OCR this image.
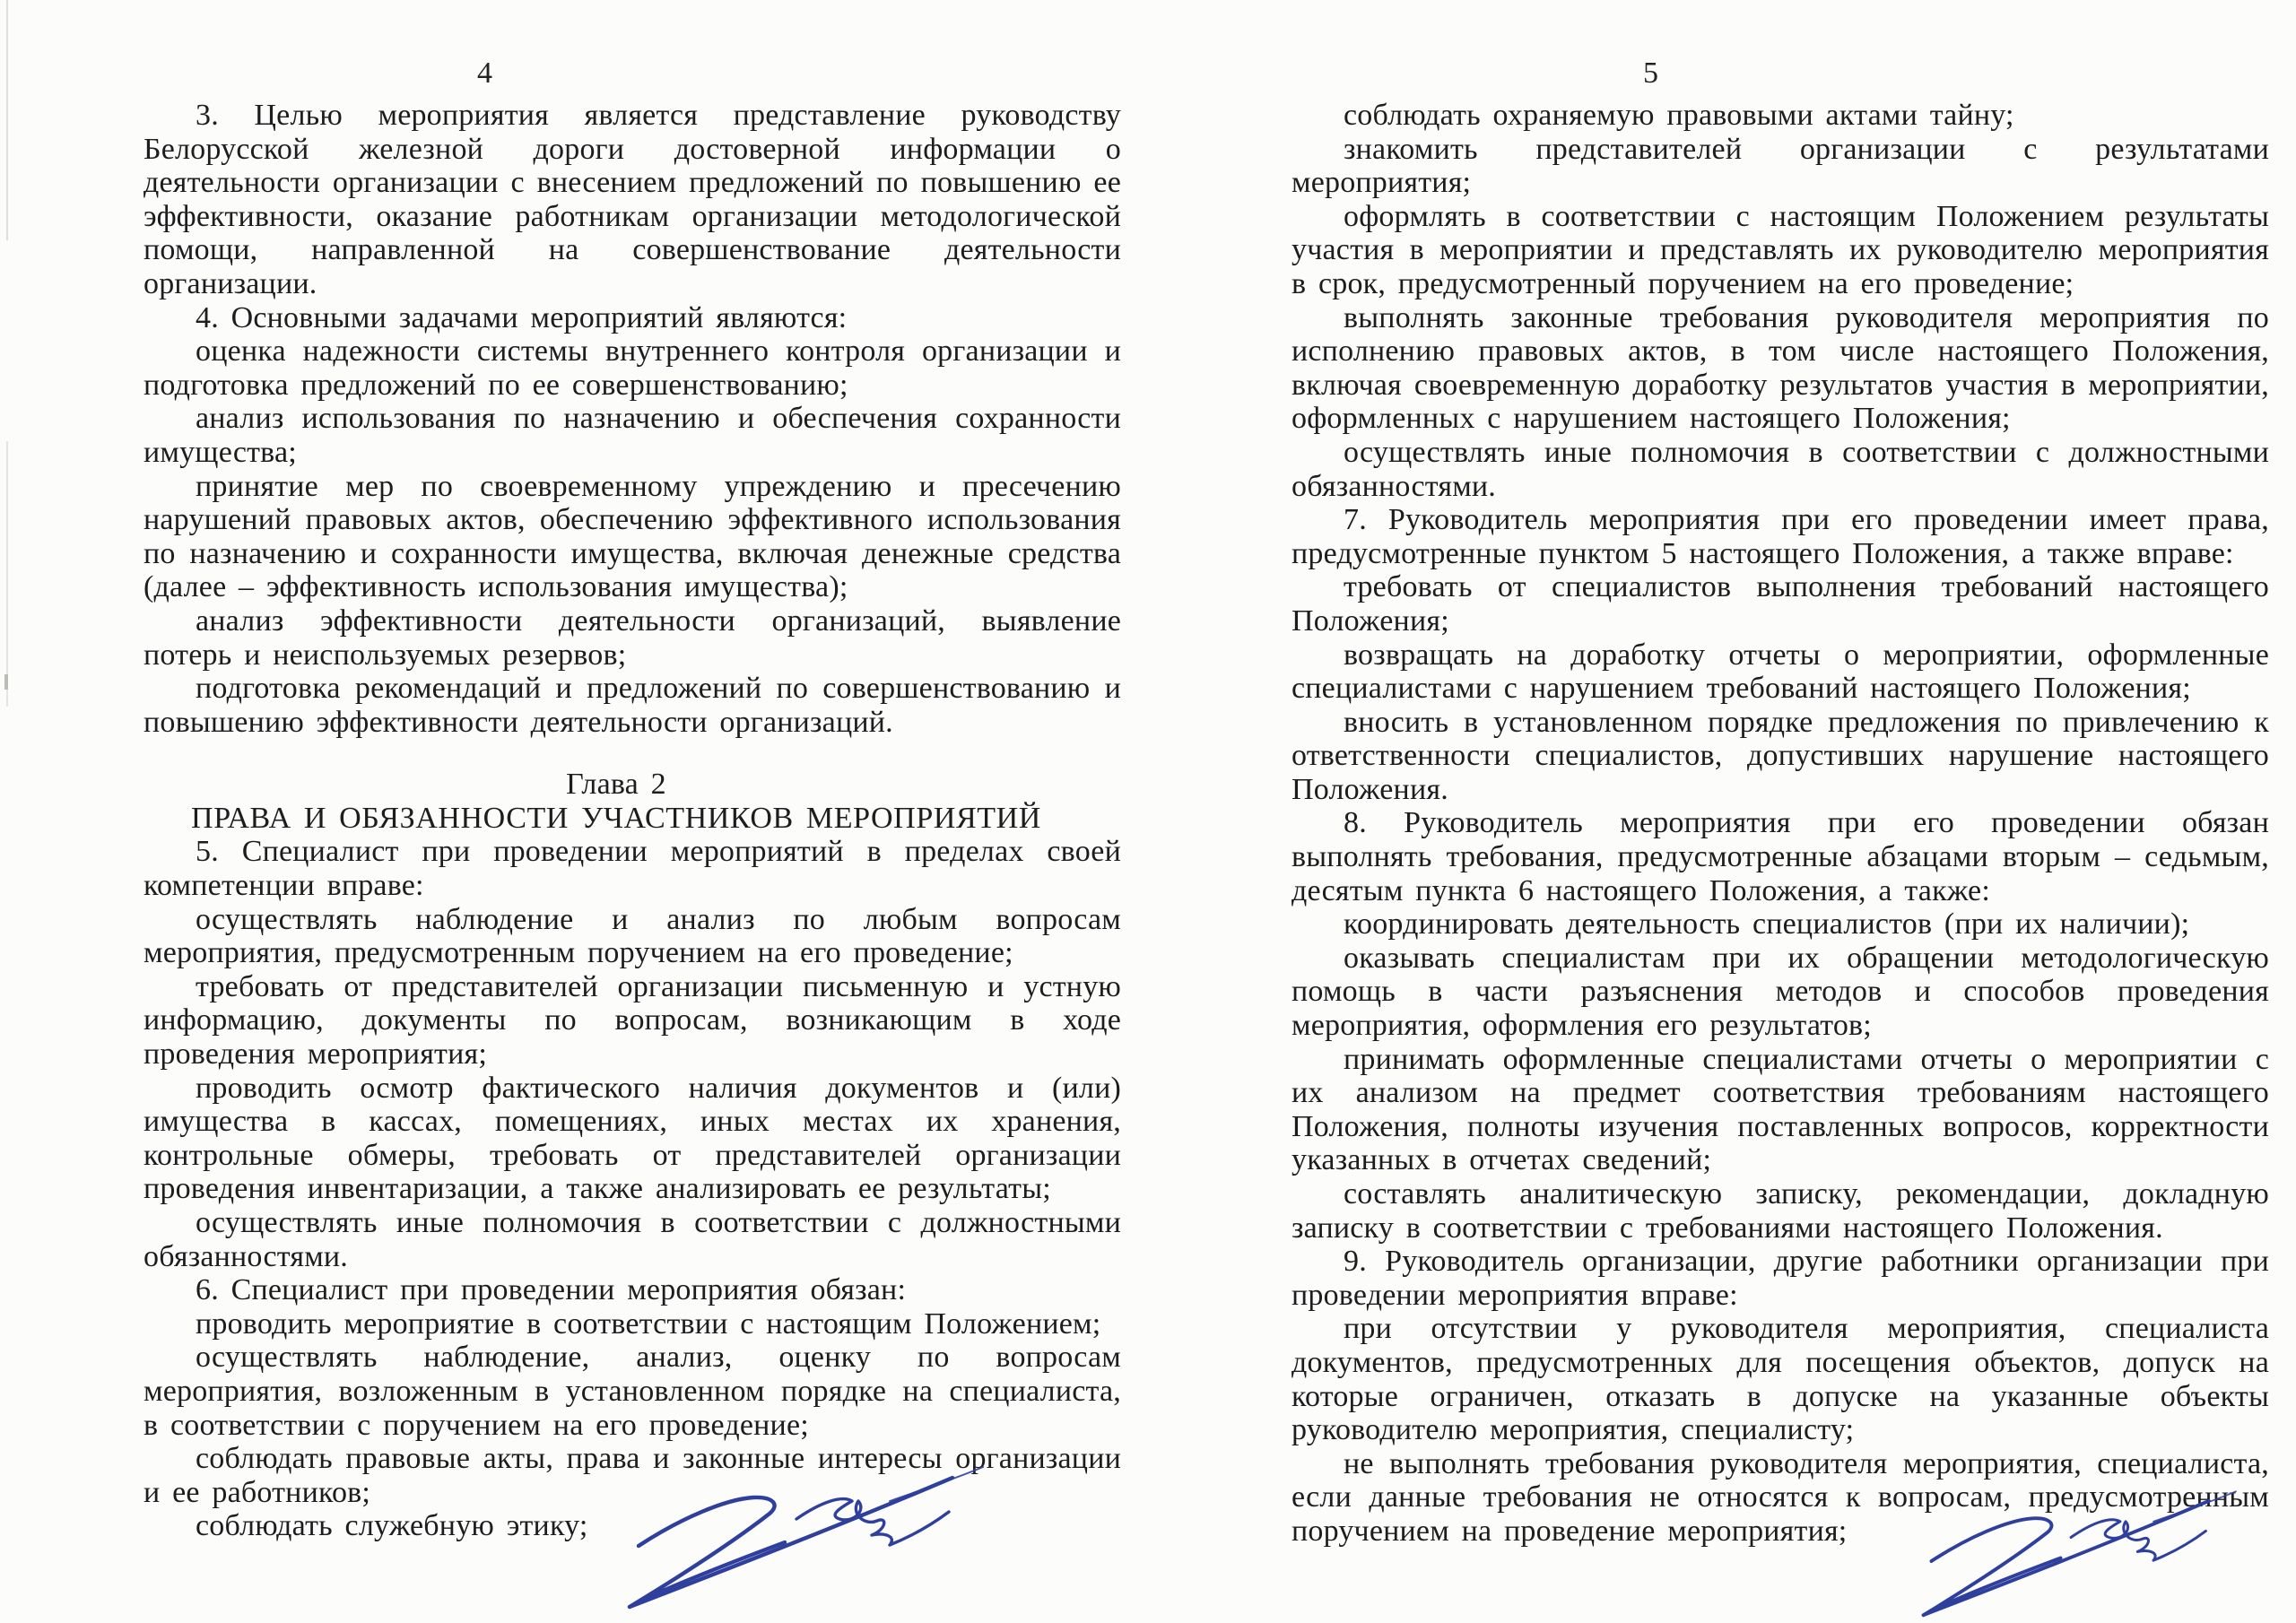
4

3. Целью мероприятия является представление руководству Белорусской железной дороги достоверной информации о деятельности организации с внесением предложений по повышению ее эффективности, оказание работникам организации методологической помощи, направленной на совершенствование деятельности организации.

4. Основными задачами мероприятий являются:

оценка надежности системы внутреннего контроля организации и подготовка предложений по ее совершенствованию;

анализ использования по назначению и обеспечения сохранности имущества;

принятие мер по своевременному упреждению и пресечению нарушений правовых актов, обеспечению эффективного использования по назначению и сохранности имущества, включая денежные средства (далее – эффективность использования имущества);

анализ эффективности деятельности организаций, выявление потерь и неиспользуемых резервов;

подготовка рекомендаций и предложений по совершенствованию и повышению эффективности деятельности организаций.

Глава 2

ПРАВА И ОБЯЗАННОСТИ УЧАСТНИКОВ МЕРОПРИЯТИЙ

5. Специалист при проведении мероприятий в пределах своей компетенции вправе:

осуществлять наблюдение и анализ по любым вопросам мероприятия, предусмотренным поручением на его проведение;

требовать от представителей организации письменную и устную информацию, документы по вопросам, возникающим в ходе проведения мероприятия;

проводить осмотр фактического наличия документов и (или) имущества в кассах, помещениях, иных местах их хранения, контрольные обмеры, требовать от представителей организации проведения инвентаризации, а также анализировать ее результаты;

осуществлять иные полномочия в соответствии с должностными обязанностями.

6. Специалист при проведении мероприятия обязан:

проводить мероприятие в соответствии с настоящим Положением;

осуществлять наблюдение, анализ, оценку по вопросам мероприятия, возложенным в установленном порядке на специалиста, в соответствии с поручением на его проведение;

соблюдать правовые акты, права и законные интересы организации и ее работников;

соблюдать служебную этику;

5

соблюдать охраняемую правовыми актами тайну;

знакомить представителей организации с результатами мероприятия;

оформлять в соответствии с настоящим Положением результаты участия в мероприятии и представлять их руководителю мероприятия в срок, предусмотренный поручением на его проведение;

выполнять законные требования руководителя мероприятия по исполнению правовых актов, в том числе настоящего Положения, включая своевременную доработку результатов участия в мероприятии, оформленных с нарушением настоящего Положения;

осуществлять иные полномочия в соответствии с должностными обязанностями.

7. Руководитель мероприятия при его проведении имеет права, предусмотренные пунктом 5 настоящего Положения, а также вправе:

требовать от специалистов выполнения требований настоящего Положения;

возвращать на доработку отчеты о мероприятии, оформленные специалистами с нарушением требований настоящего Положения;

вносить в установленном порядке предложения по привлечению к ответственности специалистов, допустивших нарушение настоящего Положения.

8. Руководитель мероприятия при его проведении обязан выполнять требования, предусмотренные абзацами вторым – седьмым, десятым пункта 6 настоящего Положения, а также:

координировать деятельность специалистов (при их наличии);

оказывать специалистам при их обращении методологическую помощь в части разъяснения методов и способов проведения мероприятия, оформления его результатов;

принимать оформленные специалистами отчеты о мероприятии с их анализом на предмет соответствия требованиям настоящего Положения, полноты изучения поставленных вопросов, корректности указанных в отчетах сведений;

составлять аналитическую записку, рекомендации, докладную записку в соответствии с требованиями настоящего Положения.

9. Руководитель организации, другие работники организации при проведении мероприятия вправе:

при отсутствии у руководителя мероприятия, специалиста документов, предусмотренных для посещения объектов, допуск на которые ограничен, отказать в допуске на указанные объекты руководителю мероприятия, специалисту;

не выполнять требования руководителя мероприятия, специалиста, если данные требования не относятся к вопросам, предусмотренным поручением на проведение мероприятия;
